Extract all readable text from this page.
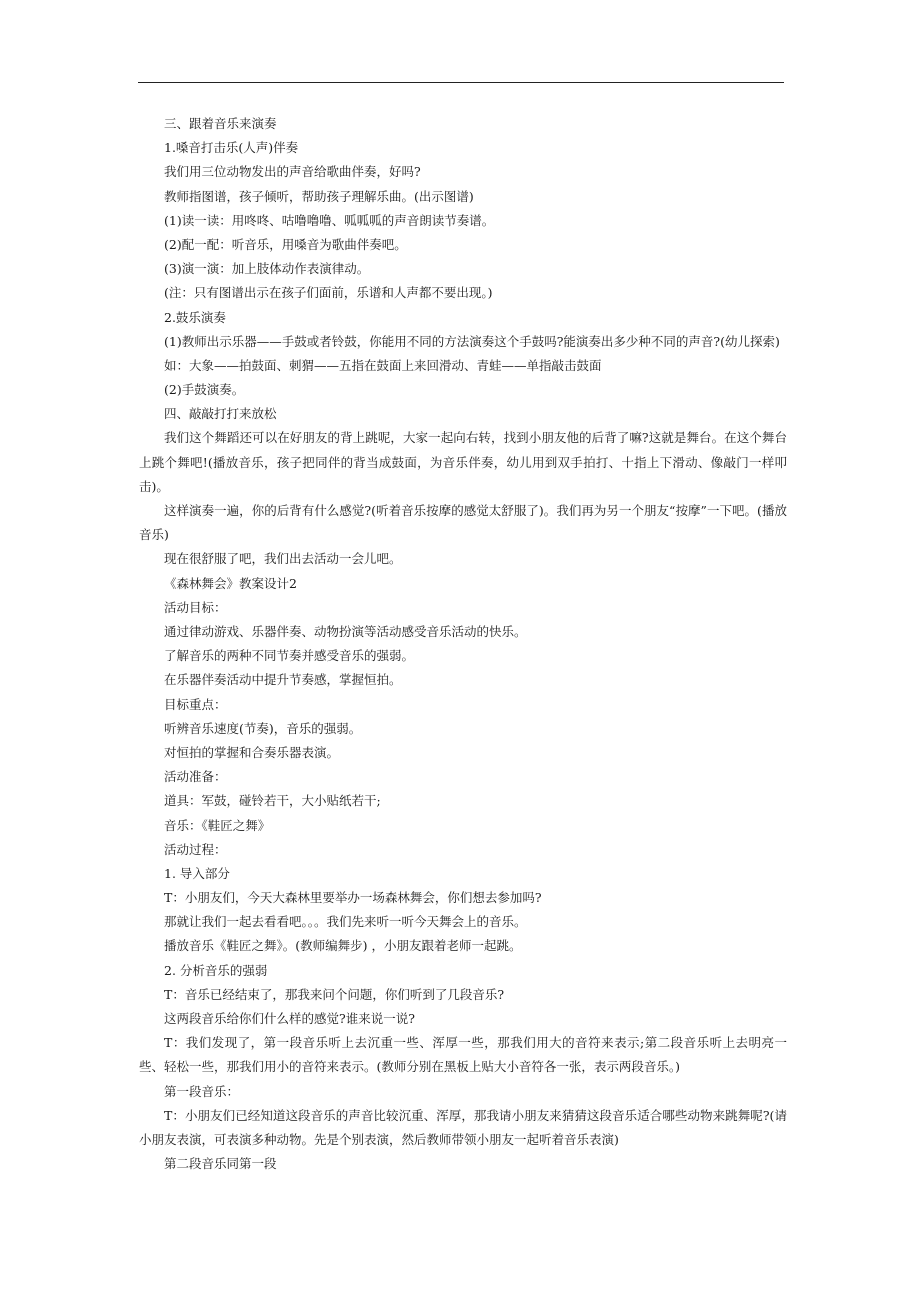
三、跟着音乐来演奏
1.嗓音打击乐(人声)伴奏
我们用三位动物发出的声音给歌曲伴奏，好吗?
教师指图谱，孩子倾听，帮助孩子理解乐曲。(出示图谱)
(1)读一读：用咚咚、咕噜噜噜、呱呱呱的声音朗读节奏谱。
(2)配一配：听音乐，用嗓音为歌曲伴奏吧。
(3)演一演：加上肢体动作表演律动。
(注：只有图谱出示在孩子们面前，乐谱和人声都不要出现。)
2.鼓乐演奏
(1)教师出示乐器——手鼓或者铃鼓，你能用不同的方法演奏这个手鼓吗?能演奏出多少种不同的声音?(幼儿探索)
如：大象——拍鼓面、刺猬——五指在鼓面上来回滑动、青蛙——单指敲击鼓面
(2)手鼓演奏。
四、敲敲打打来放松
我们这个舞蹈还可以在好朋友的背上跳呢，大家一起向右转，找到小朋友他的后背了嘛?这就是舞台。在这个舞台上跳个舞吧!(播放音乐，孩子把同伴的背当成鼓面，为音乐伴奏，幼儿用到双手拍打、十指上下滑动、像敲门一样叩击)。
这样演奏一遍，你的后背有什么感觉?(听着音乐按摩的感觉太舒服了)。我们再为另一个朋友“按摩”一下吧。(播放音乐)
现在很舒服了吧，我们出去活动一会儿吧。
《森林舞会》教案设计2
活动目标：
通过律动游戏、乐器伴奏、动物扮演等活动感受音乐活动的快乐。
了解音乐的两种不同节奏并感受音乐的强弱。
在乐器伴奏活动中提升节奏感，掌握恒拍。
目标重点：
听辨音乐速度(节奏)，音乐的强弱。
对恒拍的掌握和合奏乐器表演。
活动准备：
道具：军鼓，碰铃若干，大小贴纸若干;
音乐：《鞋匠之舞》
活动过程：
1. 导入部分
T：小朋友们，今天大森林里要举办一场森林舞会，你们想去参加吗?
那就让我们一起去看看吧。。。我们先来听一听今天舞会上的音乐。
播放音乐《鞋匠之舞》。(教师编舞步) ，小朋友跟着老师一起跳。
2. 分析音乐的强弱
T：音乐已经结束了，那我来问个问题，你们听到了几段音乐?
这两段音乐给你们什么样的感觉?谁来说一说?
T：我们发现了，第一段音乐听上去沉重一些、浑厚一些，那我们用大的音符来表示;第二段音乐听上去明亮一些、轻松一些，那我们用小的音符来表示。(教师分别在黑板上贴大小音符各一张，表示两段音乐。)
第一段音乐：
T：小朋友们已经知道这段音乐的声音比较沉重、浑厚，那我请小朋友来猜猜这段音乐适合哪些动物来跳舞呢?(请小朋友表演，可表演多种动物。先是个别表演，然后教师带领小朋友一起听着音乐表演)
第二段音乐同第一段
